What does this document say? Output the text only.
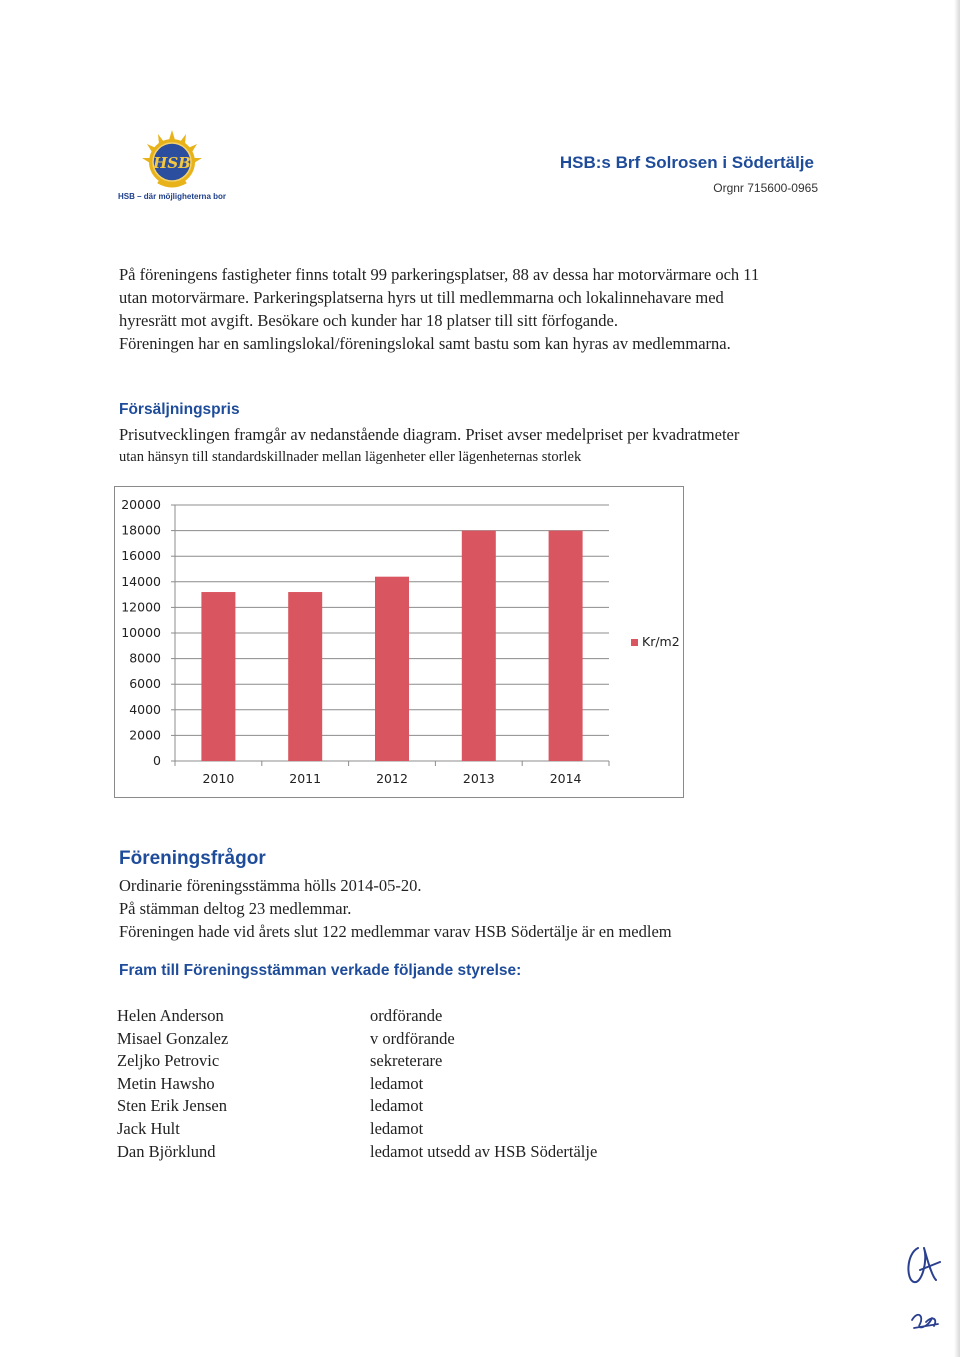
HSB
HSB – där möjligheterna bor
HSB:s Brf Solrosen i Södertälje
Orgnr 715600-0965

På föreningens fastigheter finns totalt 99 parkeringsplatser, 88 av dessa har motorvärmare och 11

utan motorvärmare. Parkeringsplatserna hyrs ut till medlemmarna och lokalinnehavare med

hyresrätt mot avgift. Besökare och kunder har 18 platser till sitt förfogande.

Föreningen har en samlingslokal/föreningslokal samt bastu som kan hyras av medlemmarna.

Försäljningspris
Prisutvecklingen framgår av nedanstående diagram. Priset avser medelpriset per kvadratmeter
utan hänsyn till standardskillnader mellan lägenheter eller lägenheternas storlek
0
2000
4000
6000
8000
10000
12000
14000
16000
18000
20000
2010	2011	2012	2013	2014
Kr/m2
Föreningsfrågor

Ordinarie föreningsstämma hölls 2014-05-20.

På stämman deltog 23 medlemmar.

Föreningen hade vid årets slut 122 medlemmar varav HSB Södertälje är en medlem

Fram till Föreningsstämman verkade följande styrelse:
Helen Anderson	ordförande
Misael Gonzalez	v ordförande
Zeljko Petrovic	sekreterare
Metin Hawsho	ledamot
Sten Erik Jensen	ledamot
Jack Hult	ledamot
Dan Björklund	ledamot utsedd av HSB Södertälje
